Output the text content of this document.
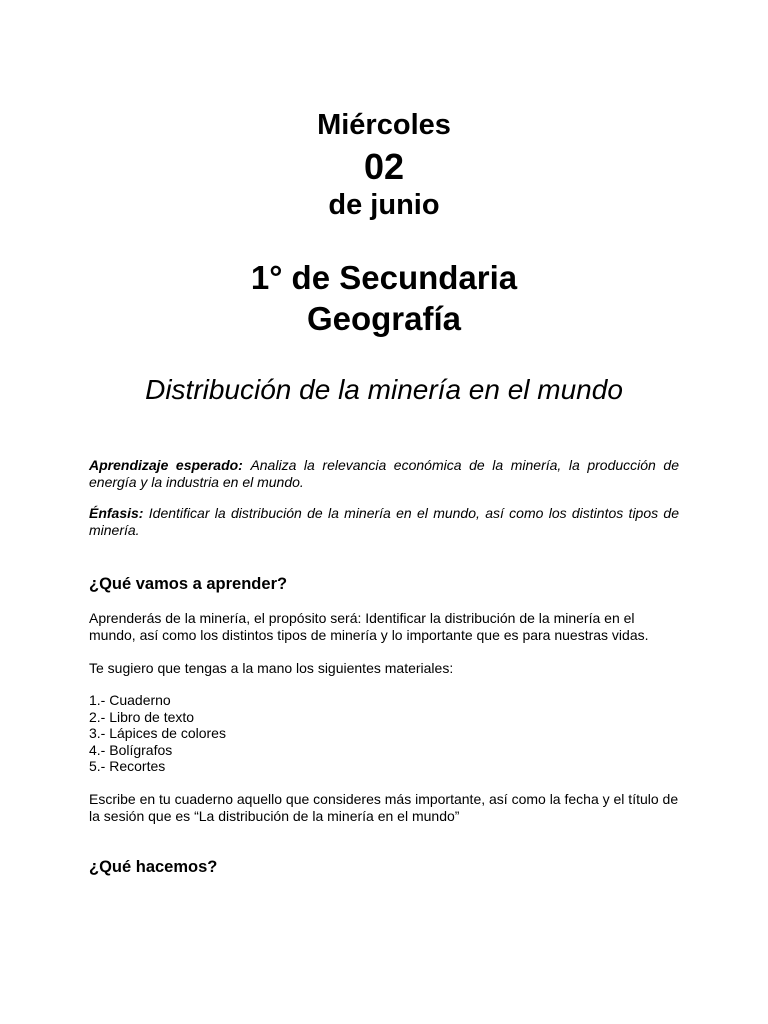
Miércoles
02
de junio
1° de Secundaria
Geografía
Distribución de la minería en el mundo

Aprendizaje esperado: Analiza la relevancia económica de la minería, la producción de energía y la industria en el mundo.

Énfasis: Identificar la distribución de la minería en el mundo, así como los distintos tipos de minería.

¿Qué vamos a aprender?

Aprenderás de la minería, el propósito será: Identificar la distribución de la minería en el mundo, así como los distintos tipos de minería y lo importante que es para nuestras vidas.

Te sugiero que tengas a la mano los siguientes materiales:

1.- Cuaderno
2.- Libro de texto
3.- Lápices de colores
4.- Bolígrafos
5.- Recortes

Escribe en tu cuaderno aquello que consideres más importante, así como la fecha y el título de la sesión que es “La distribución de la minería en el mundo”

¿Qué hacemos?
